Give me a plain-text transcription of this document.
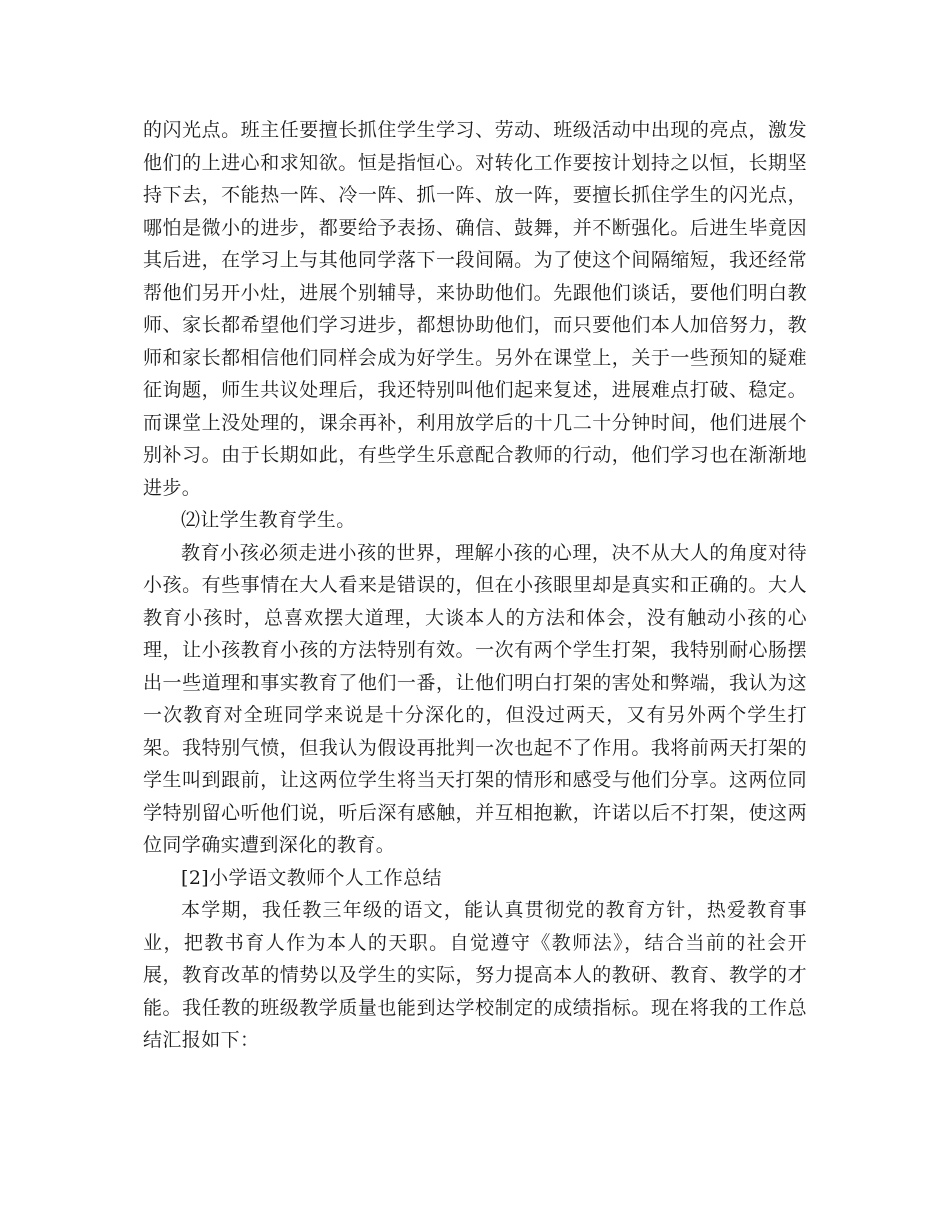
的闪光点。班主任要擅长抓住学生学习、劳动、班级活动中出现的亮点，激发他们的上进心和求知欲。恒是指恒心。对转化工作要按计划持之以恒，长期坚持下去，不能热一阵、冷一阵、抓一阵、放一阵，要擅长抓住学生的闪光点，哪怕是微小的进步，都要给予表扬、确信、鼓舞，并不断强化。后进生毕竟因其后进，在学习上与其他同学落下一段间隔。为了使这个间隔缩短，我还经常帮他们另开小灶，进展个别辅导，来协助他们。先跟他们谈话，要他们明白教师、家长都希望他们学习进步，都想协助他们，而只要他们本人加倍努力，教师和家长都相信他们同样会成为好学生。另外在课堂上，关于一些预知的疑难征询题，师生共议处理后，我还特别叫他们起来复述，进展难点打破、稳定。而课堂上没处理的，课余再补，利用放学后的十几二十分钟时间，他们进展个别补习。由于长期如此，有些学生乐意配合教师的行动，他们学习也在渐渐地进步。

⑵让学生教育学生。

教育小孩必须走进小孩的世界，理解小孩的心理，决不从大人的角度对待小孩。有些事情在大人看来是错误的，但在小孩眼里却是真实和正确的。大人教育小孩时，总喜欢摆大道理，大谈本人的方法和体会，没有触动小孩的心理，让小孩教育小孩的方法特别有效。一次有两个学生打架，我特别耐心肠摆出一些道理和事实教育了他们一番，让他们明白打架的害处和弊端，我认为这一次教育对全班同学来说是十分深化的，但没过两天，又有另外两个学生打架。我特别气愤，但我认为假设再批判一次也起不了作用。我将前两天打架的学生叫到跟前，让这两位学生将当天打架的情形和感受与他们分享。这两位同学特别留心听他们说，听后深有感触，并互相抱歉，许诺以后不打架，使这两位同学确实遭到深化的教育。

[2]小学语文教师个人工作总结

本学期，我任教三年级的语文，能认真贯彻党的教育方针，热爱教育事业，把教书育人作为本人的天职。自觉遵守《教师法》，结合当前的社会开展，教育改革的情势以及学生的实际，努力提高本人的教研、教育、教学的才能。我任教的班级教学质量也能到达学校制定的成绩指标。现在将我的工作总结汇报如下：
